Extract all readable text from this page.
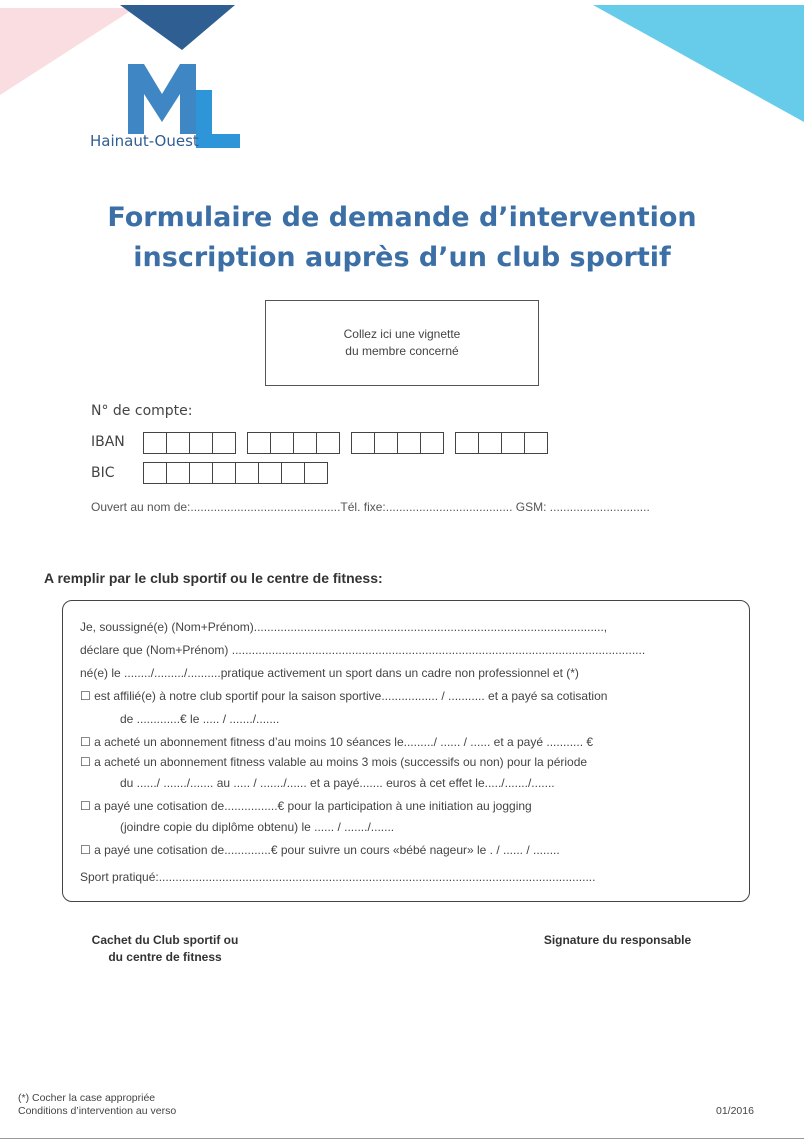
Hainaut-Ouest
Formulaire de demande d’intervention
inscription auprès d’un club sportif
Collez ici une vignette
du membre concerné
N° de compte:
IBAN
BIC
Ouvert au nom de:.............................................Tél. fixe:...................................... GSM: ..............................
A remplir par le club sportif ou le centre de fitness:
Je, soussigné(e) (Nom+Prénom).........................................................................................................,
déclare que (Nom+Prénom) ............................................................................................................................
né(e) le ......../........./..........pratique activement un sport dans un cadre non professionnel et (*)
☐ est affilié(e) à notre club sportif pour la saison sportive................. / ........... et a payé sa cotisation
de .............€ le ..... / ......./.......
☐ a acheté un abonnement fitness d’au moins 10 séances le........./ ...... / ...... et a payé ........... €
☐ a acheté un abonnement fitness valable au moins 3 mois (successifs ou non) pour la période
du ....../ ......./....... au ..... / ......./...... et a payé....... euros à cet effet le...../......./.......
☐ a payé une cotisation de................€ pour la participation à une initiation au jogging
(joindre copie du diplôme obtenu) le ...... / ......./.......
☐ a payé une cotisation de..............€ pour suivre un cours «bébé nageur» le . / ...... / ........
Sport pratiqué:...................................................................................................................................
Cachet du Club sportif ou
du centre de fitness
Signature du responsable
(*) Cocher la case appropriée
Conditions d’intervention au verso	01/2016
